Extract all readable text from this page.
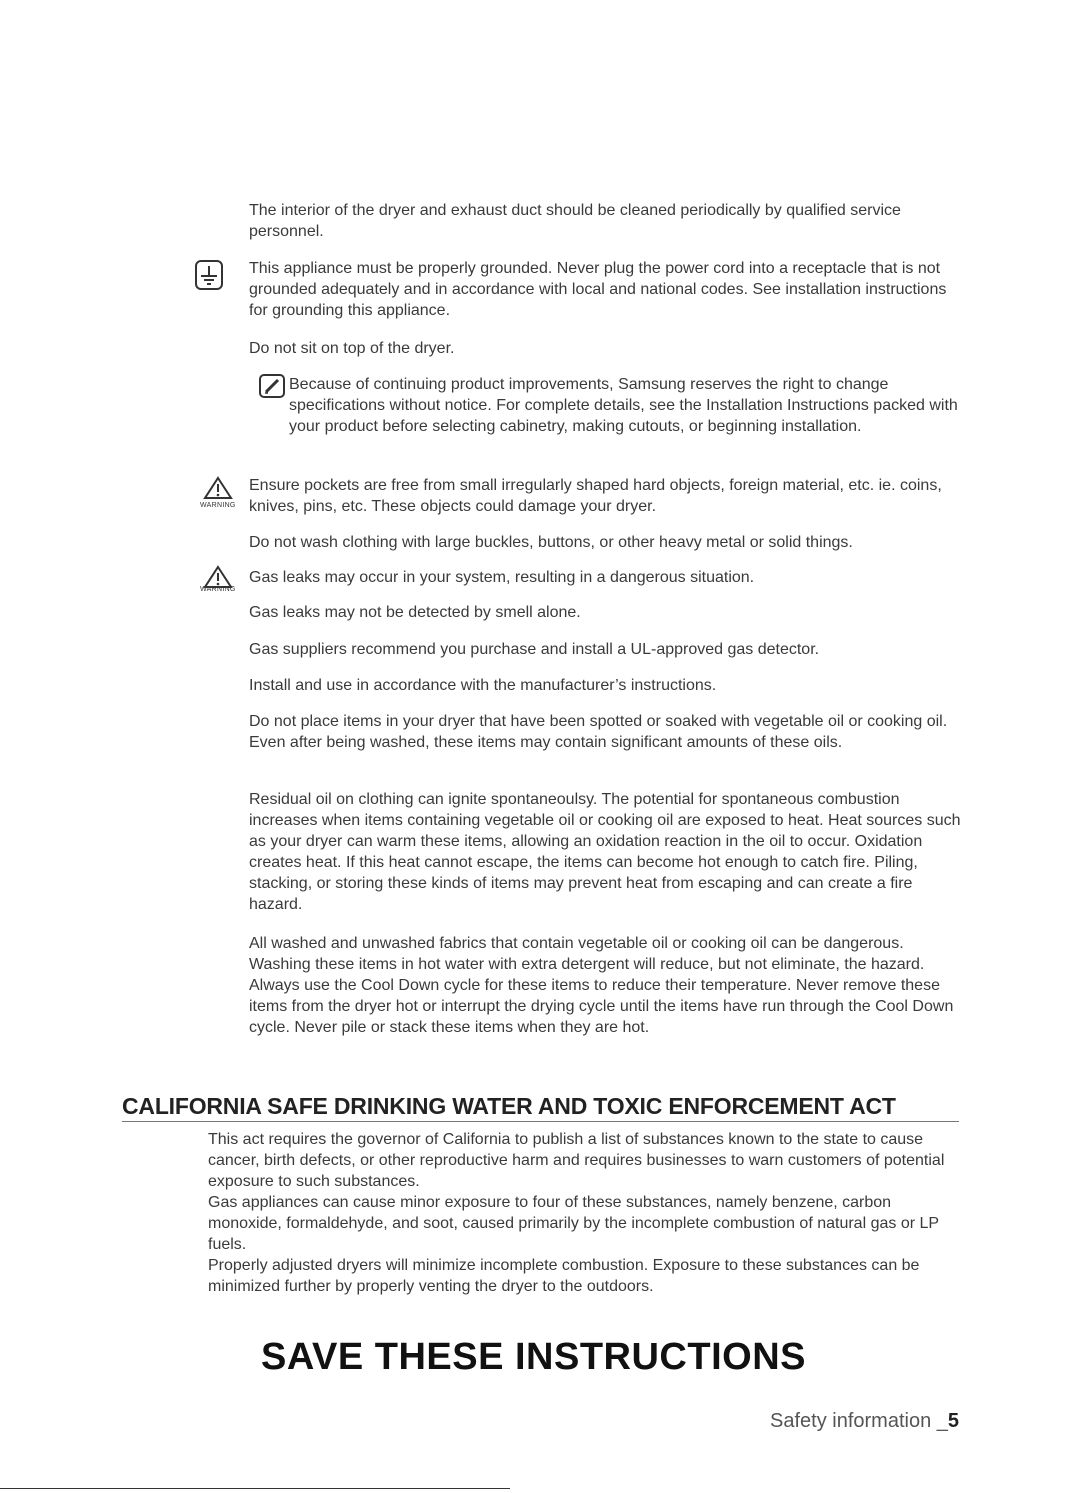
The interior of the dryer and exhaust duct should be cleaned periodically by qualified service personnel.

This appliance must be properly grounded. Never plug the power cord into a receptacle that is not grounded adequately and in accordance with local and national codes. See installation instructions for grounding this appliance.

Do not sit on top of the dryer.

Because of continuing product improvements, Samsung reserves the right to change specifications without notice. For complete details, see the Installation Instructions packed with your product before selecting cabinetry, making cutouts, or beginning installation.

WARNING

Ensure pockets are free from small irregularly shaped hard objects, foreign material, etc. ie. coins, knives, pins, etc. These objects could damage your dryer.

Do not wash clothing with large buckles, buttons, or other heavy metal or solid things.

WARNING

Gas leaks may occur in your system, resulting in a dangerous situation.

Gas leaks may not be detected by smell alone.

Gas suppliers recommend you purchase and install a UL-approved gas detector.

Install and use in accordance with the manufacturer’s instructions.

Do not place items in your dryer that have been spotted or soaked with vegetable oil or cooking oil. Even after being washed, these items may contain significant amounts of these oils.

Residual oil on clothing can ignite spontaneoulsy. The potential for spontaneous combustion increases when items containing vegetable oil or cooking oil are exposed to heat. Heat sources such as your dryer can warm these items, allowing an oxidation reaction in the oil to occur. Oxidation creates heat. If this heat cannot escape, the items can become hot enough to catch fire. Piling, stacking, or storing these kinds of items may prevent heat from escaping and can create a fire hazard.

All washed and unwashed fabrics that contain vegetable oil or cooking oil can be dangerous. Washing these items in hot water with extra detergent will reduce, but not eliminate, the hazard. Always use the Cool Down cycle for these items to reduce their temperature. Never remove these items from the dryer hot or interrupt the drying cycle until the items have run through the Cool Down cycle. Never pile or stack these items when they are hot.

CALIFORNIA SAFE DRINKING WATER AND TOXIC ENFORCEMENT ACT

This act requires the governor of California to publish a list of substances known to the state to cause cancer, birth defects, or other reproductive harm and requires businesses to warn customers of potential exposure to such substances.

Gas appliances can cause minor exposure to four of these substances, namely benzene, carbon monoxide, formaldehyde, and soot, caused primarily by the incomplete combustion of natural gas or LP fuels.

Properly adjusted dryers will minimize incomplete combustion. Exposure to these substances can be minimized further by properly venting the dryer to the outdoors.

SAVE THESE INSTRUCTIONS
Safety information _5
